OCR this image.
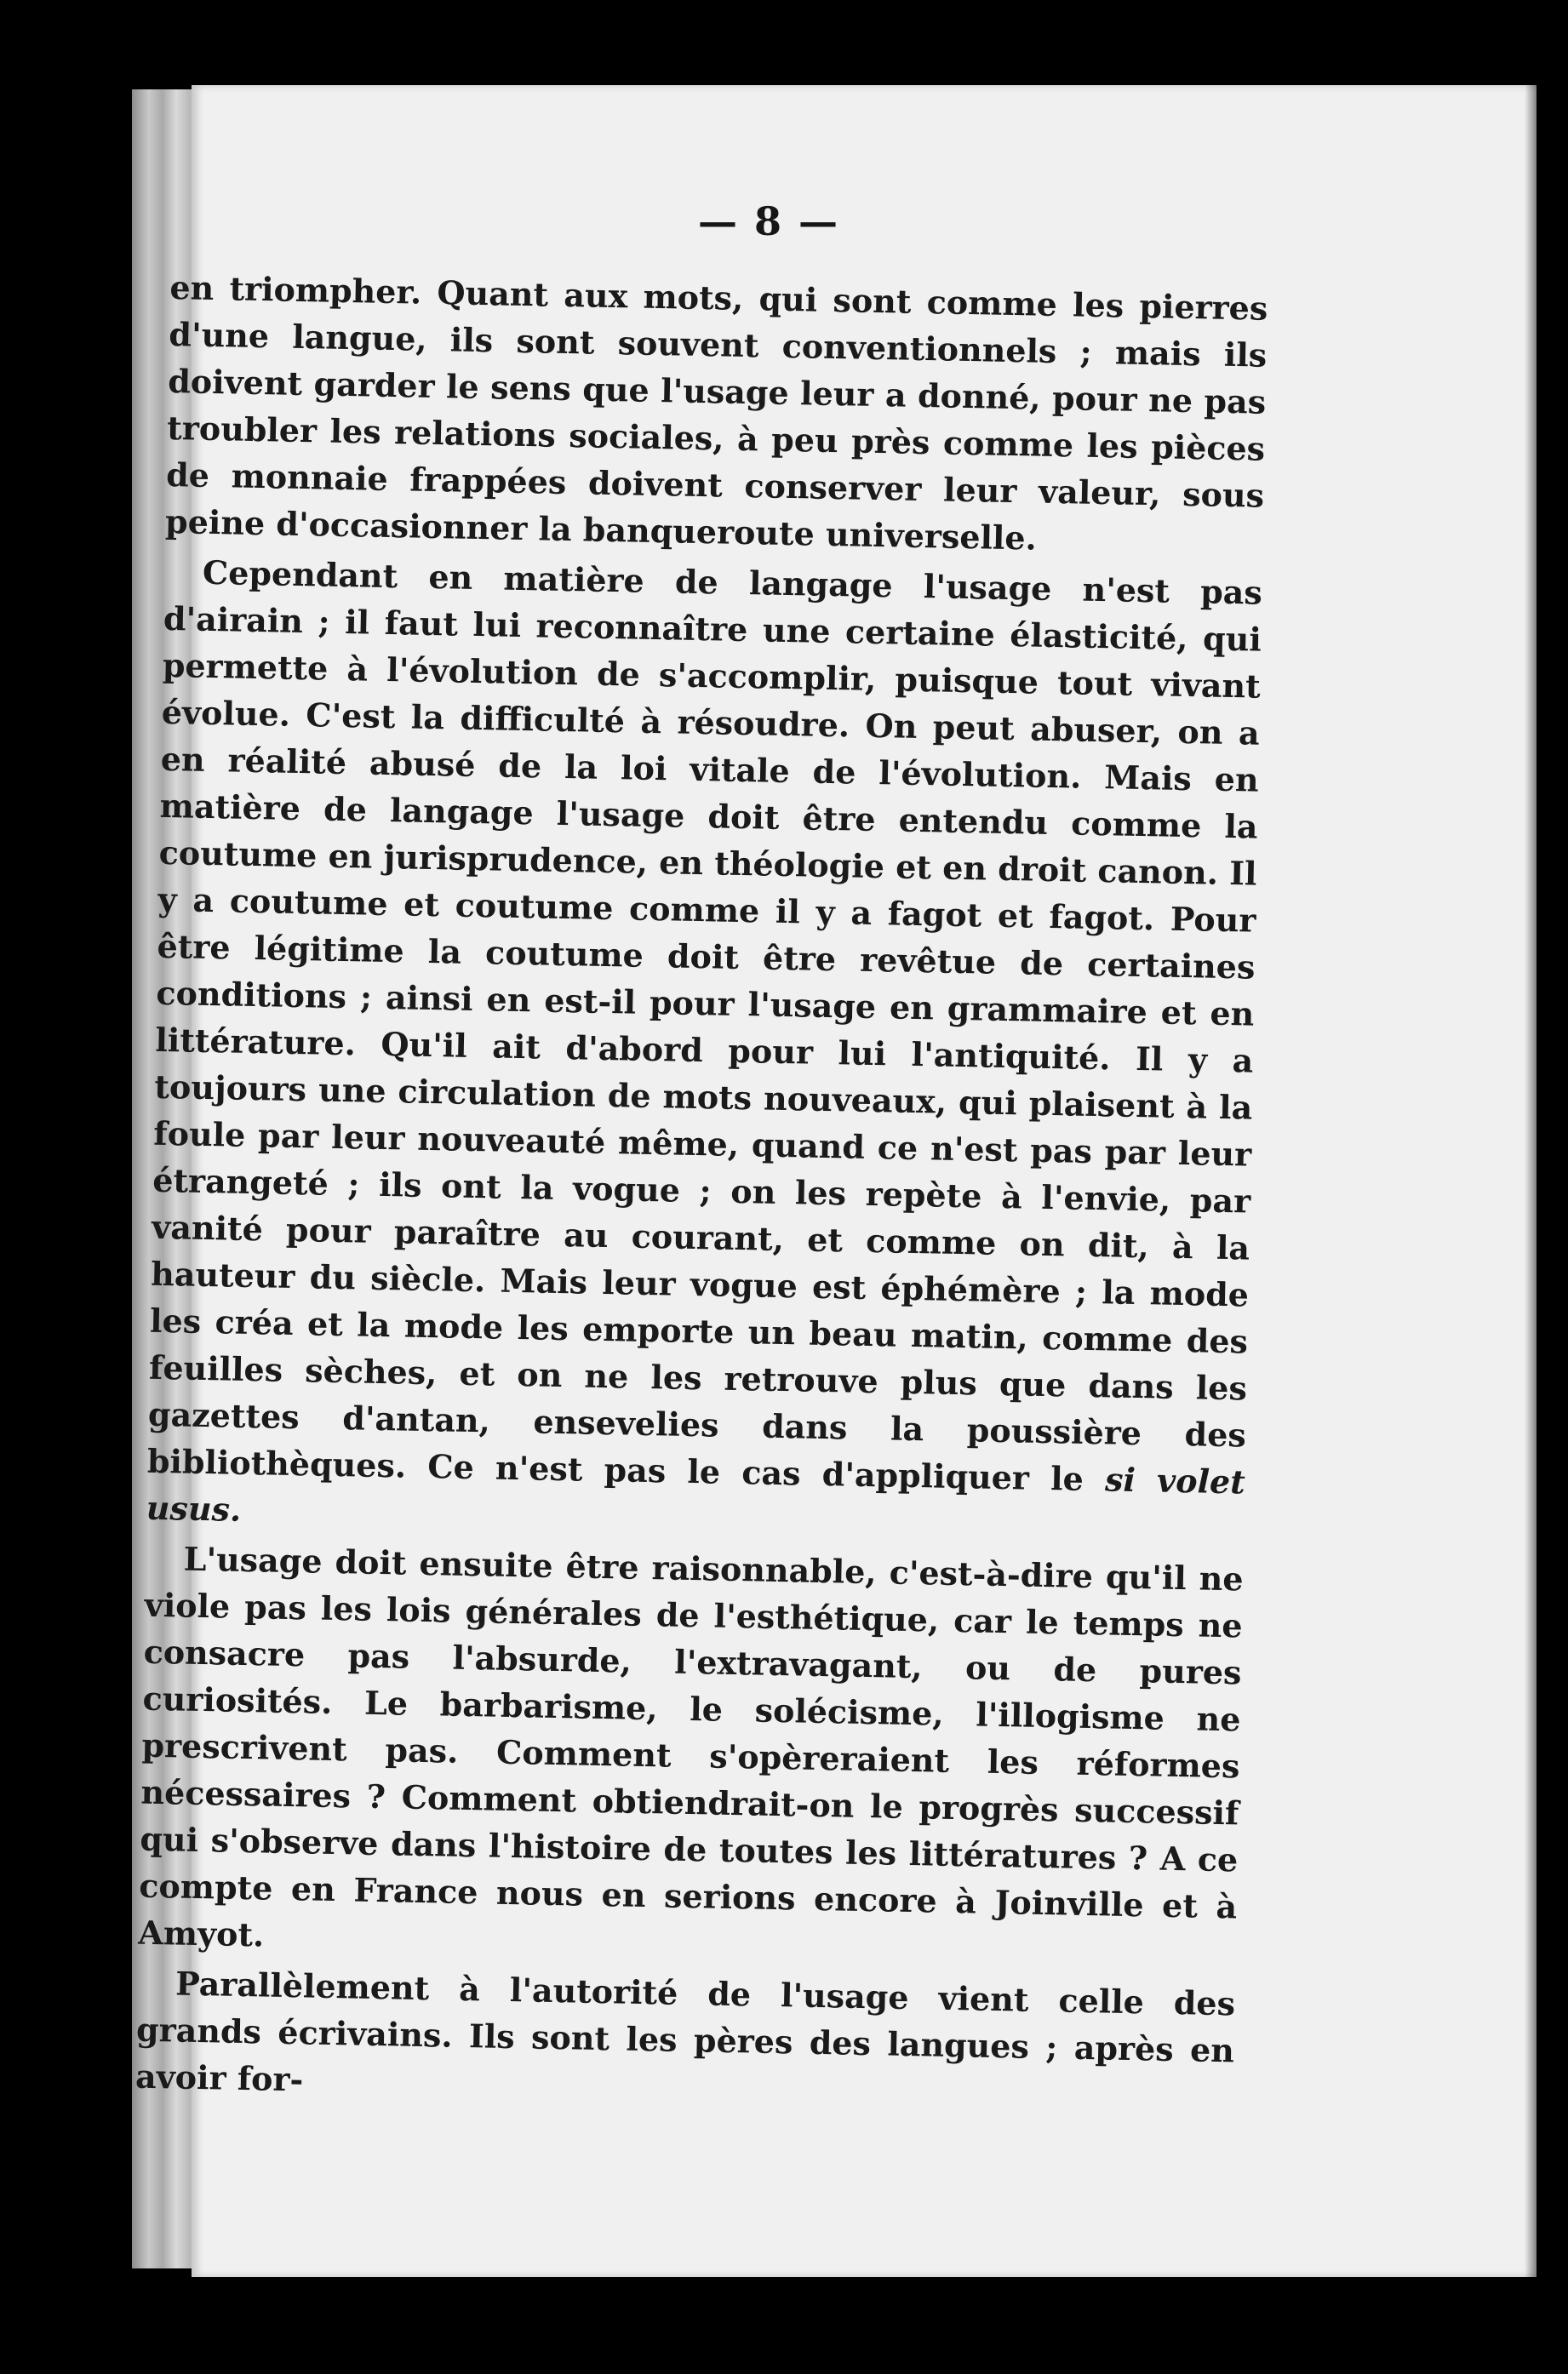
— 8 —

en triompher. Quant aux mots, qui sont comme les pierres d'une langue, ils sont souvent conventionnels ; mais ils doivent garder le sens que l'usage leur a donné, pour ne pas troubler les relations sociales, à peu près comme les pièces de monnaie frappées doivent conserver leur valeur, sous peine d'occasionner la banqueroute universelle.

Cependant en matière de langage l'usage n'est pas d'airain ; il faut lui reconnaître une certaine élasticité, qui permette à l'évolution de s'accomplir, puisque tout vivant évolue. C'est la difficulté à résoudre. On peut abuser, on a en réalité abusé de la loi vitale de l'évolution. Mais en matière de langage l'usage doit être entendu comme la coutume en jurisprudence, en théologie et en droit canon. Il y a coutume et coutume comme il y a fagot et fagot. Pour être légitime la coutume doit être revêtue de certaines conditions ; ainsi en est-il pour l'usage en grammaire et en littérature. Qu'il ait d'abord pour lui l'antiquité. Il y a toujours une circulation de mots nouveaux, qui plaisent à la foule par leur nouveauté même, quand ce n'est pas par leur étrangeté ; ils ont la vogue ; on les repète à l'envie, par vanité pour paraître au courant, et comme on dit, à la hauteur du siècle. Mais leur vogue est éphémère ; la mode les créa et la mode les emporte un beau matin, comme des feuilles sèches, et on ne les retrouve plus que dans les gazettes d'antan, ensevelies dans la poussière des bibliothèques. Ce n'est pas le cas d'appliquer le si volet usus.

L'usage doit ensuite être raisonnable, c'est-à-dire qu'il ne viole pas les lois générales de l'esthétique, car le temps ne consacre pas l'absurde, l'extravagant, ou de pures curiosités. Le barbarisme, le solécisme, l'illogisme ne prescrivent pas. Comment s'opèreraient les réformes nécessaires ? Comment obtiendrait-on le progrès successif qui s'observe dans l'histoire de toutes les littératures ? A ce compte en France nous en serions encore à Joinville et à Amyot.

Parallèlement à l'autorité de l'usage vient celle des grands écrivains. Ils sont les pères des langues ; après en avoir for-
